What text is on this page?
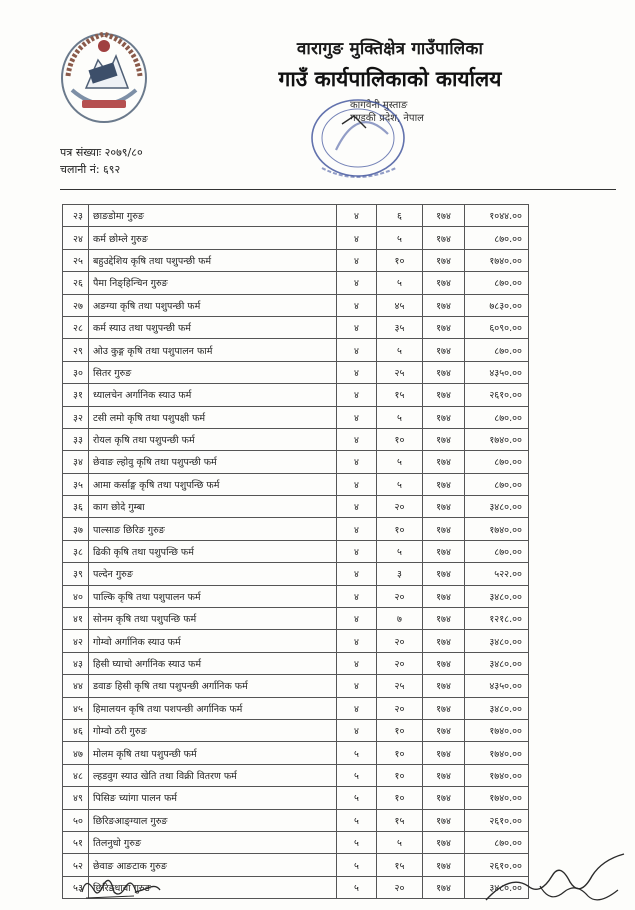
वारागुङ मुक्तिक्षेत्र गाउँपालिका
गाउँ कार्यपालिकाको कार्यालय
कागवेनी मुस्ताङ
गण्डकी प्रदेश, नेपाल
पत्र संख्याः २०७९/८०
चलानी नं: ६९२
२३	छाङडोमा गुरुङ	४	६	१७४	१०४४.००
२४	कर्म छोम्ले गुरुङ	४	५	१७४	८७०.००
२५	बहुउद्देशिय कृषि तथा पशुपन्छी फर्म	४	१०	१७४	१७४०.००
२६	पैमा निङ्हिन्चिन गुरुङ	४	५	१७४	८७०.००
२७	अङग्या कृषि तथा पशुपन्छी फर्म	४	४५	१७४	७८३०.००
२८	कर्म स्याउ तथा पशुपन्छी फर्म	४	३५	१७४	६०९०.००
२९	ओउ कुङ्ग कृषि तथा पशुपालन फार्म	४	५	१७४	८७०.००
३०	सितर गुरुङ	४	२५	१७४	४३५०.००
३१	ध्यालचेन अर्गानिक स्याउ फर्म	४	१५	१७४	२६१०.००
३२	टसी लमो कृषि तथा पशुपक्षी फर्म	४	५	१७४	८७०.००
३३	रोयल कृषि तथा पशुपन्छी फर्म	४	१०	१७४	१७४०.००
३४	छेवाङ ल्होवु कृषि तथा पशुपन्छी फर्म	४	५	१७४	८७०.००
३५	आमा कर्साङ्ग कृषि तथा पशुपन्छि फर्म	४	५	१७४	८७०.००
३६	काग छोदे गुम्बा	४	२०	१७४	३४८०.००
३७	पाल्साङ छिरिङ गुरुङ	४	१०	१७४	१७४०.००
३८	ढिकी कृषि तथा पशुपन्छि फर्म	४	५	१७४	८७०.००
३९	पल्देन गुरुङ	४	३	१७४	५२२.००
४०	पाल्कि कृषि तथा पशुपालन फर्म	४	२०	१७४	३४८०.००
४१	सोनम कृषि तथा पशुपन्छि फर्म	४	७	१७४	१२१८.००
४२	गोम्वो अर्गानिक स्याउ फर्म	४	२०	१७४	३४८०.००
४३	हिसी घ्याचो अर्गानिक स्याउ फर्म	४	२०	१७४	३४८०.००
४४	डवाङ हिसी कृषि तथा पशुपन्छी अर्गानिक फर्म	४	२५	१७४	४३५०.००
४५	हिमालयन कृषि तथा पशपन्छी अर्गानिक फर्म	४	२०	१७४	३४८०.००
४६	गोम्वो ठरी गुरुङ	४	१०	१७४	१७४०.००
४७	मोलम कृषि तथा पशुपन्छी फर्म	५	१०	१७४	१७४०.००
४८	ल्हडवुग स्याउ खेति तथा विक्री वितरण फर्म	५	१०	१७४	१७४०.००
४९	पिसिङ च्यांगा पालन फर्म	५	१०	१७४	१७४०.००
५०	छिरिङआङ्ग्याल गुरुङ	५	१५	१७४	२६१०.००
५१	तिलनुधो गुरुङ	५	५	१७४	८७०.००
५२	छेवाङ आङटाक गुरुङ	५	१५	१७४	२६१०.००
५३	छिरिङधावा गुरुङ	५	२०	१७४	३४८०.००
